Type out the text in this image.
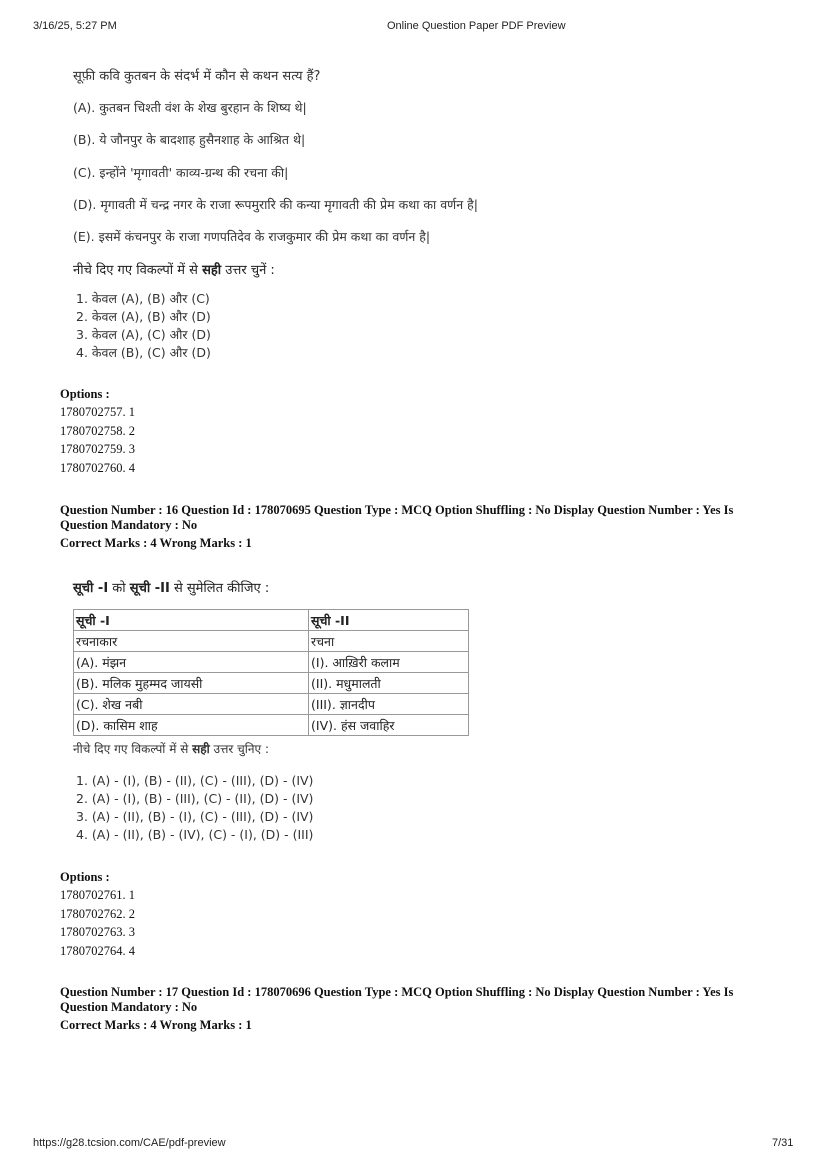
3/16/25, 5:27 PM	Online Question Paper PDF Preview
सूफ़ी कवि कुतबन के संदर्भ में कौन से कथन सत्य हैं?
(A). कुतबन चिश्ती वंश के शेख बुरहान के शिष्य थे|
(B). ये जौनपुर के बादशाह हुसैनशाह के आश्रित थे|
(C). इन्होंने 'मृगावती' काव्य-ग्रन्थ की रचना की|
(D). मृगावती में चन्द्र नगर के राजा रूपमुरारि की कन्या मृगावती की प्रेम कथा का वर्णन है|
(E). इसमें कंचनपुर के राजा गणपतिदेव के राजकुमार की प्रेम कथा का वर्णन है|
नीचे दिए गए विकल्पों में से सही उत्तर चुनें :
1. केवल (A), (B) और (C)
2. केवल (A), (B) और (D)
3. केवल (A), (C) और (D)
4. केवल (B), (C) और (D)
Options :
1780702757. 1
1780702758. 2
1780702759. 3
1780702760. 4
Question Number : 16 Question Id : 178070695 Question Type : MCQ Option Shuffling : No Display Question Number : Yes Is
Question Mandatory : No
Correct Marks : 4 Wrong Marks : 1
सूची -I को सूची -II से सुमेलित कीजिए :
सूची -I	सूची -II
रचनाकार	रचना
(A). मंझन	(I). आख़िरी कलाम
(B). मलिक मुहम्मद जायसी	(II). मधुमालती
(C). शेख नबी	(III). ज्ञानदीप
(D). कासिम शाह	(IV). हंस जवाहिर
नीचे दिए गए विकल्पों में से सही उत्तर चुनिए :
1. (A) - (I), (B) - (II), (C) - (III), (D) - (IV)
2. (A) - (I), (B) - (III), (C) - (II), (D) - (IV)
3. (A) - (II), (B) - (I), (C) - (III), (D) - (IV)
4. (A) - (II), (B) - (IV), (C) - (I), (D) - (III)
Options :
1780702761. 1
1780702762. 2
1780702763. 3
1780702764. 4
Question Number : 17 Question Id : 178070696 Question Type : MCQ Option Shuffling : No Display Question Number : Yes Is
Question Mandatory : No
Correct Marks : 4 Wrong Marks : 1
https://g28.tcsion.com/CAE/pdf-preview	7/31
